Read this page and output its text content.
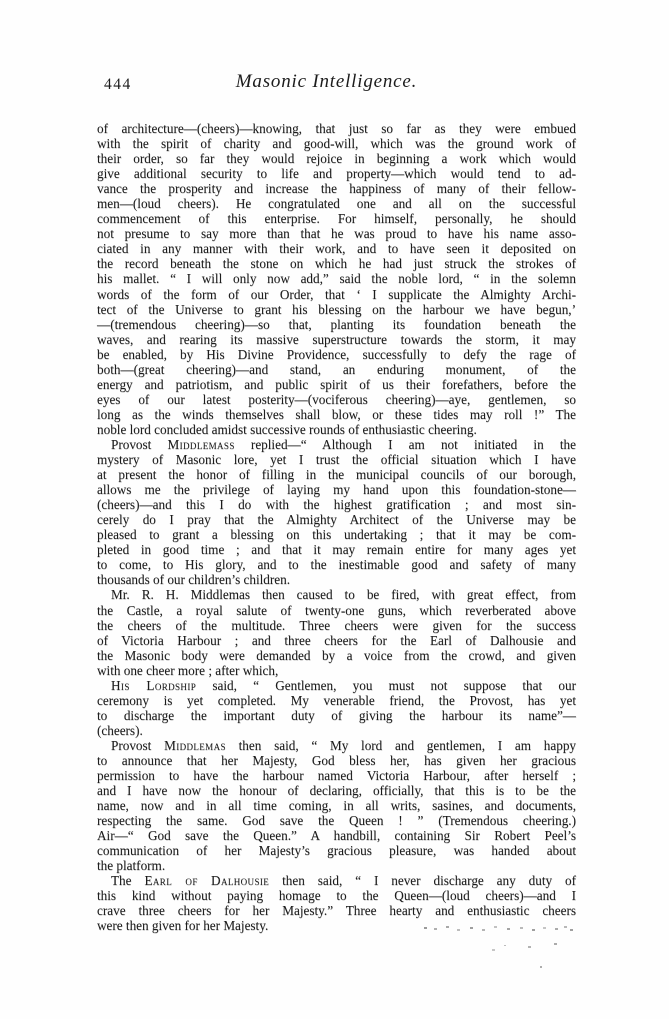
444	Masonic Intelligence.
of architecture—(cheers)—knowing, that just so far as they were embued
with the spirit of charity and good-will, which was the ground work of
their order, so far they would rejoice in beginning a work which would
give additional security to life and property—which would tend to ad-
vance the prosperity and increase the happiness of many of their fellow-
men—(loud cheers). He congratulated one and all on the successful
commencement of this enterprise. For himself, personally, he should
not presume to say more than that he was proud to have his name asso-
ciated in any manner with their work, and to have seen it deposited on
the record beneath the stone on which he had just struck the strokes of
his mallet. “ I will only now add,” said the noble lord, “ in the solemn
words of the form of our Order, that ‘ I supplicate the Almighty Archi-
tect of the Universe to grant his blessing on the harbour we have begun,’
—(tremendous cheering)—so that, planting its foundation beneath the
waves, and rearing its massive superstructure towards the storm, it may
be enabled, by His Divine Providence, successfully to defy the rage of
both—(great cheering)—and stand, an enduring monument, of the
energy and patriotism, and public spirit of us their forefathers, before the
eyes of our latest posterity—(vociferous cheering)—aye, gentlemen, so
long as the winds themselves shall blow, or these tides may roll !” The
noble lord concluded amidst successive rounds of enthusiastic cheering.
Provost Middlemass replied—“ Although I am not initiated in the
mystery of Masonic lore, yet I trust the official situation which I have
at present the honor of filling in the municipal councils of our borough,
allows me the privilege of laying my hand upon this foundation-stone—
(cheers)—and this I do with the highest gratification ; and most sin-
cerely do I pray that the Almighty Architect of the Universe may be
pleased to grant a blessing on this undertaking ; that it may be com-
pleted in good time ; and that it may remain entire for many ages yet
to come, to His glory, and to the inestimable good and safety of many
thousands of our children’s children.
Mr. R. H. Middlemas then caused to be fired, with great effect, from
the Castle, a royal salute of twenty-one guns, which reverberated above
the cheers of the multitude. Three cheers were given for the success
of Victoria Harbour ; and three cheers for the Earl of Dalhousie and
the Masonic body were demanded by a voice from the crowd, and given
with one cheer more ; after which,
His Lordship said, “ Gentlemen, you must not suppose that our
ceremony is yet completed. My venerable friend, the Provost, has yet
to discharge the important duty of giving the harbour its name”—
(cheers).
Provost Middlemas then said, “ My lord and gentlemen, I am happy
to announce that her Majesty, God bless her, has given her gracious
permission to have the harbour named Victoria Harbour, after herself ;
and I have now the honour of declaring, officially, that this is to be the
name, now and in all time coming, in all writs, sasines, and documents,
respecting the same. God save the Queen ! ” (Tremendous cheering.)
Air—“ God save the Queen.” A handbill, containing Sir Robert Peel’s
communication of her Majesty’s gracious pleasure, was handed about
the platform.
The Earl of Dalhousie then said, “ I never discharge any duty of
this kind without paying homage to the Queen—(loud cheers)—and I
crave three cheers for her Majesty.” Three hearty and enthusiastic cheers
were then given for her Majesty.
